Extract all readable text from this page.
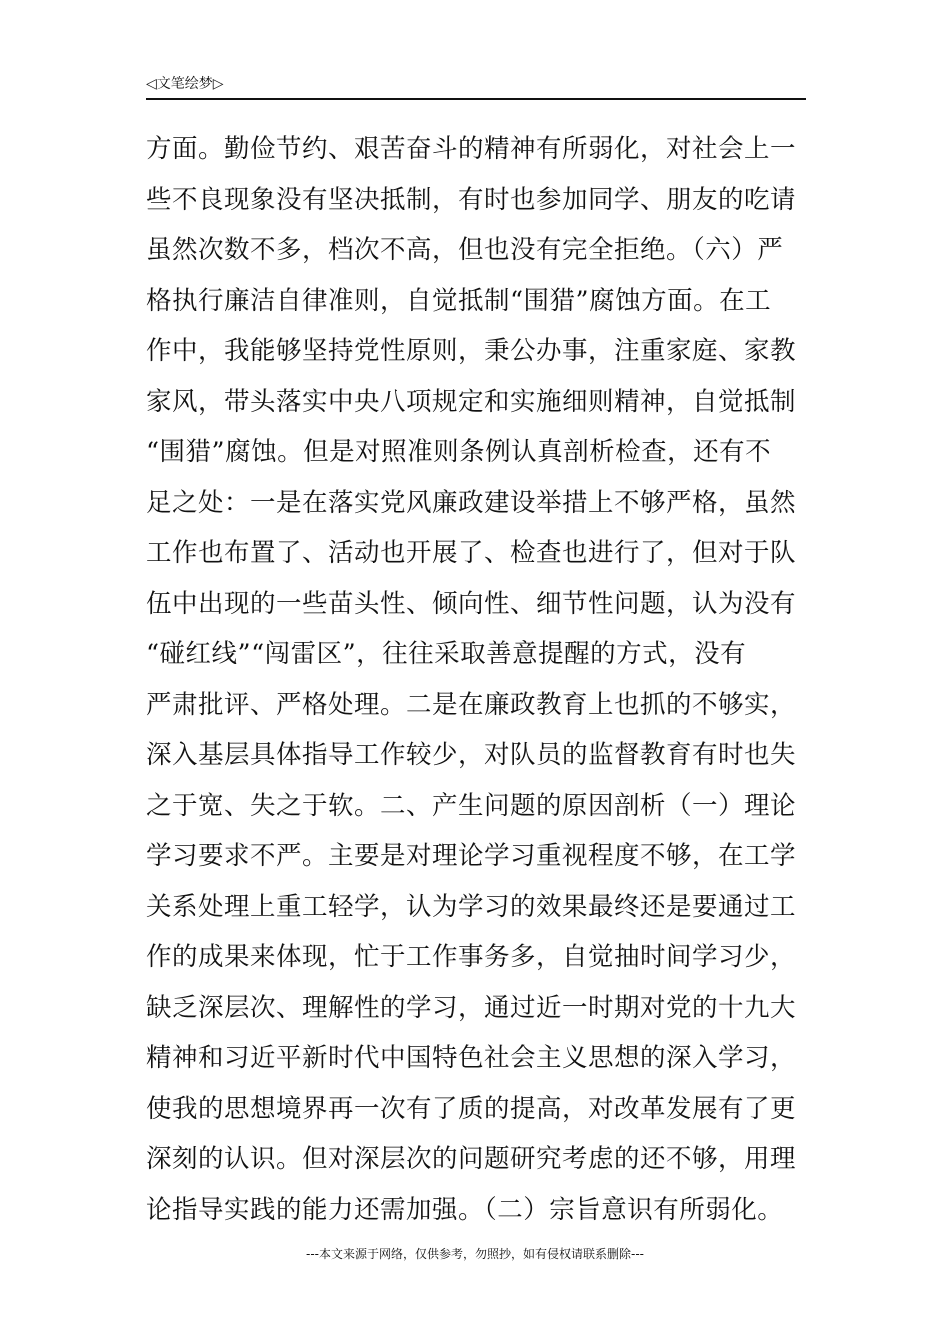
◁文笔绘梦▷
方面。勤俭节约、艰苦奋斗的精神有所弱化，对社会上一
些不良现象没有坚决抵制，有时也参加同学、朋友的吃请
虽然次数不多，档次不高，但也没有完全拒绝。（六）严
格执行廉洁自律准则，自觉抵制“围猎”腐蚀方面。在工
作中，我能够坚持党性原则，秉公办事，注重家庭、家教
家风，带头落实中央八项规定和实施细则精神，自觉抵制
“围猎”腐蚀。但是对照准则条例认真剖析检查，还有不
足之处：一是在落实党风廉政建设举措上不够严格，虽然
工作也布置了、活动也开展了、检查也进行了，但对于队
伍中出现的一些苗头性、倾向性、细节性问题，认为没有
“碰红线”“闯雷区”，往往采取善意提醒的方式，没有
严肃批评、严格处理。二是在廉政教育上也抓的不够实，
深入基层具体指导工作较少，对队员的监督教育有时也失
之于宽、失之于软。二、产生问题的原因剖析（一）理论
学习要求不严。主要是对理论学习重视程度不够，在工学
关系处理上重工轻学，认为学习的效果最终还是要通过工
作的成果来体现，忙于工作事务多，自觉抽时间学习少，
缺乏深层次、理解性的学习，通过近一时期对党的十九大
精神和习近平新时代中国特色社会主义思想的深入学习，
使我的思想境界再一次有了质的提高，对改革发展有了更
深刻的认识。但对深层次的问题研究考虑的还不够，用理
论指导实践的能力还需加强。（二）宗旨意识有所弱化。
---本文来源于网络，仅供参考，勿照抄，如有侵权请联系删除---
